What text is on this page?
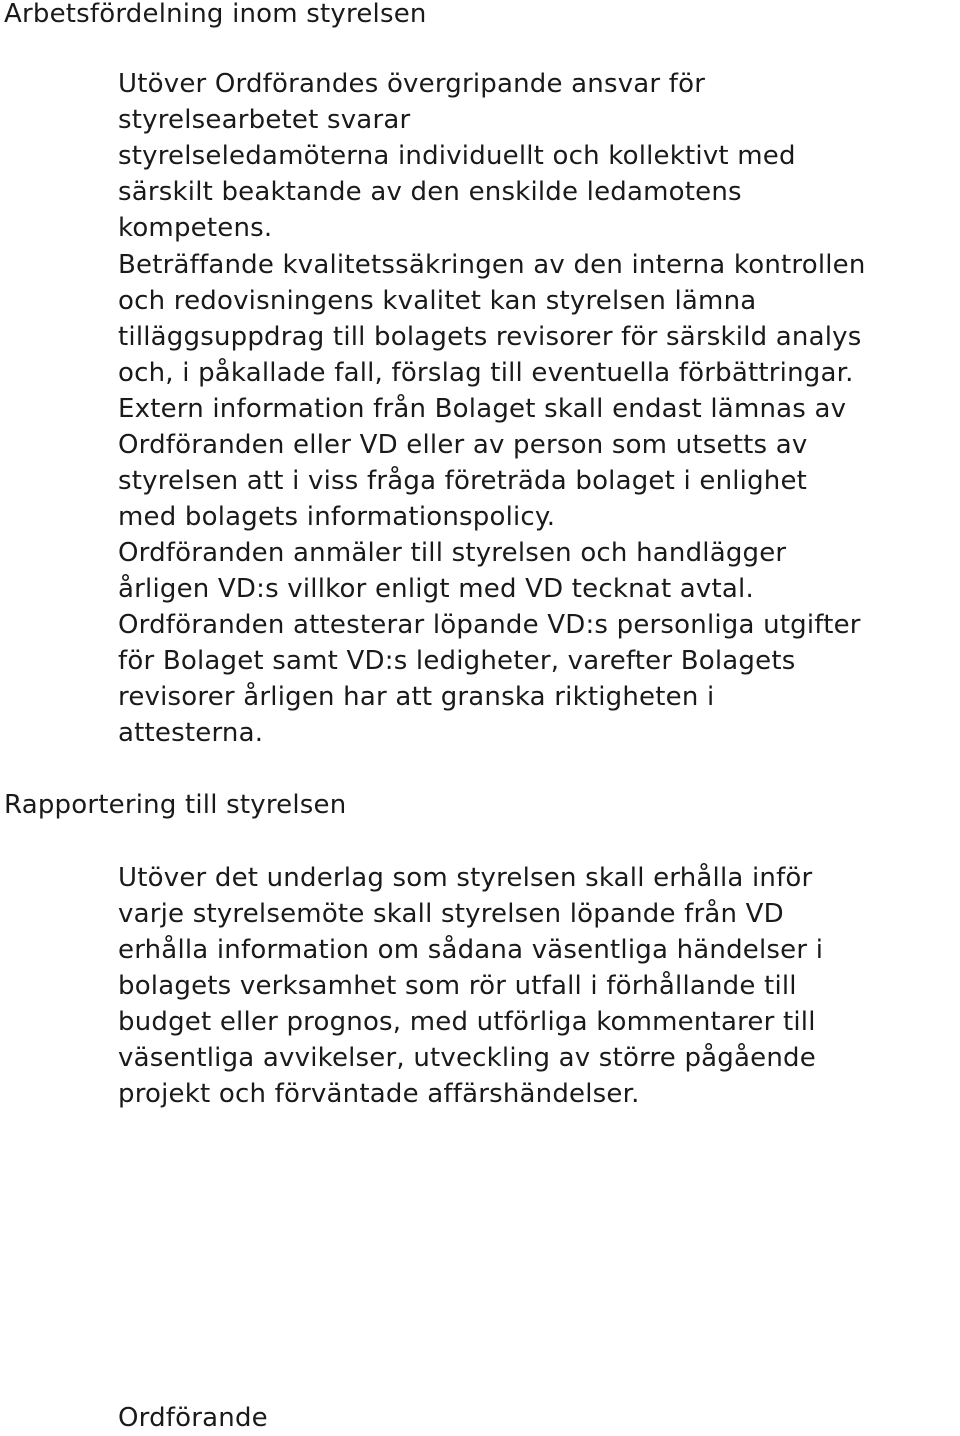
Arbetsfördelning inom styrelsen

Utöver Ordförandes övergripande ansvar för

styrelsearbetet svarar

styrelseledamöterna individuellt och kollektivt med

särskilt beaktande av den enskilde ledamotens

kompetens.

Beträffande kvalitetssäkringen av den interna kontrollen

och redovisningens kvalitet kan styrelsen lämna

tilläggsuppdrag till bolagets revisorer för särskild analys

och, i påkallade fall, förslag till eventuella förbättringar.

Extern information från Bolaget skall endast lämnas av

Ordföranden eller VD eller av person som utsetts av

styrelsen att i viss fråga företräda bolaget i enlighet

med bolagets informationspolicy.

Ordföranden anmäler till styrelsen och handlägger

årligen VD:s villkor enligt med VD tecknat avtal.

Ordföranden attesterar löpande VD:s personliga utgifter

för Bolaget samt VD:s ledigheter, varefter Bolagets

revisorer årligen har att granska riktigheten i

attesterna.

Rapportering till styrelsen

Utöver det underlag som styrelsen skall erhålla inför

varje styrelsemöte skall styrelsen löpande från VD

erhålla information om sådana väsentliga händelser i

bolagets verksamhet som rör utfall i förhållande till

budget eller prognos, med utförliga kommentarer till

väsentliga avvikelser, utveckling av större pågående

projekt och förväntade affärshändelser.

Ordförande
